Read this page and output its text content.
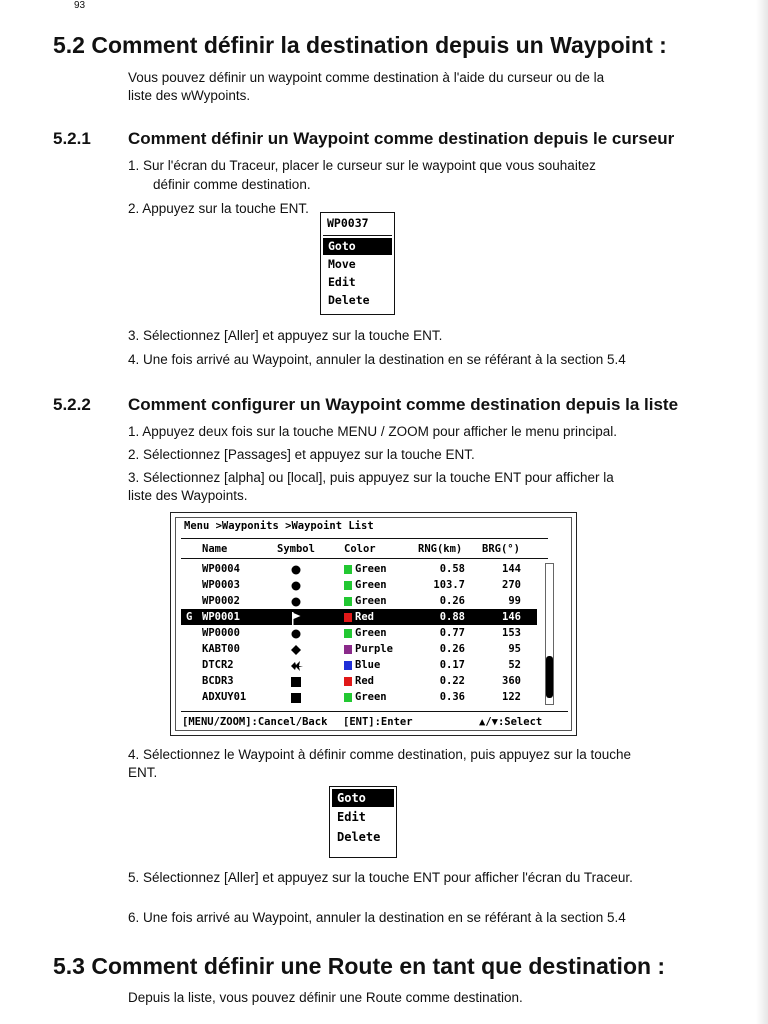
93
5.2 Comment définir la destination depuis un Waypoint :
Vous pouvez définir un waypoint comme destination à l'aide du curseur ou de la
liste des wWypoints.
5.2.1 Comment définir un Waypoint comme destination depuis le curseur
1. Sur l'écran du Traceur, placer le curseur sur le waypoint que vous souhaitez
définir comme destination.
2. Appuyez sur la touche ENT.
WP0037
Goto
Move
Edit
Delete
3. Sélectionnez [Aller] et appuyez sur la touche ENT.
4. Une fois arrivé au Waypoint, annuler la destination en se référant à la section 5.4
5.2.2 Comment configurer un Waypoint comme destination depuis la liste
1. Appuyez deux fois sur la touche MENU / ZOOM pour afficher le menu principal.
2. Sélectionnez [Passages] et appuyez sur la touche ENT.
3. Sélectionnez [alpha] ou [local], puis appuyez sur la touche ENT pour afficher la
liste des Waypoints.
Menu >Wayponits >Waypoint List
Name	Symbol	Color	RNG(km) BRG(°)
WP0004	Green	0.58	144
WP0003	Green	103.7	270
WP0002	Green	0.26	99
G WP0001	Red	0.88	146
WP0000	Green	0.77	153
KABT00	Purple	0.26	95
DTCR2	Blue	0.17	52
BCDR3	Red	0.22	360
ADXUY01	Green	0.36	122
[MENU/ZOOM]:Cancel/Back [ENT]:Enter	▲/▼:Select
4. Sélectionnez le Waypoint à définir comme destination, puis appuyez sur la touche
ENT.
Goto
Edit
Delete
5. Sélectionnez [Aller] et appuyez sur la touche ENT pour afficher l'écran du Traceur.
6. Une fois arrivé au Waypoint, annuler la destination en se référant à la section 5.4
5.3 Comment définir une Route en tant que destination :
Depuis la liste, vous pouvez définir une Route comme destination.
